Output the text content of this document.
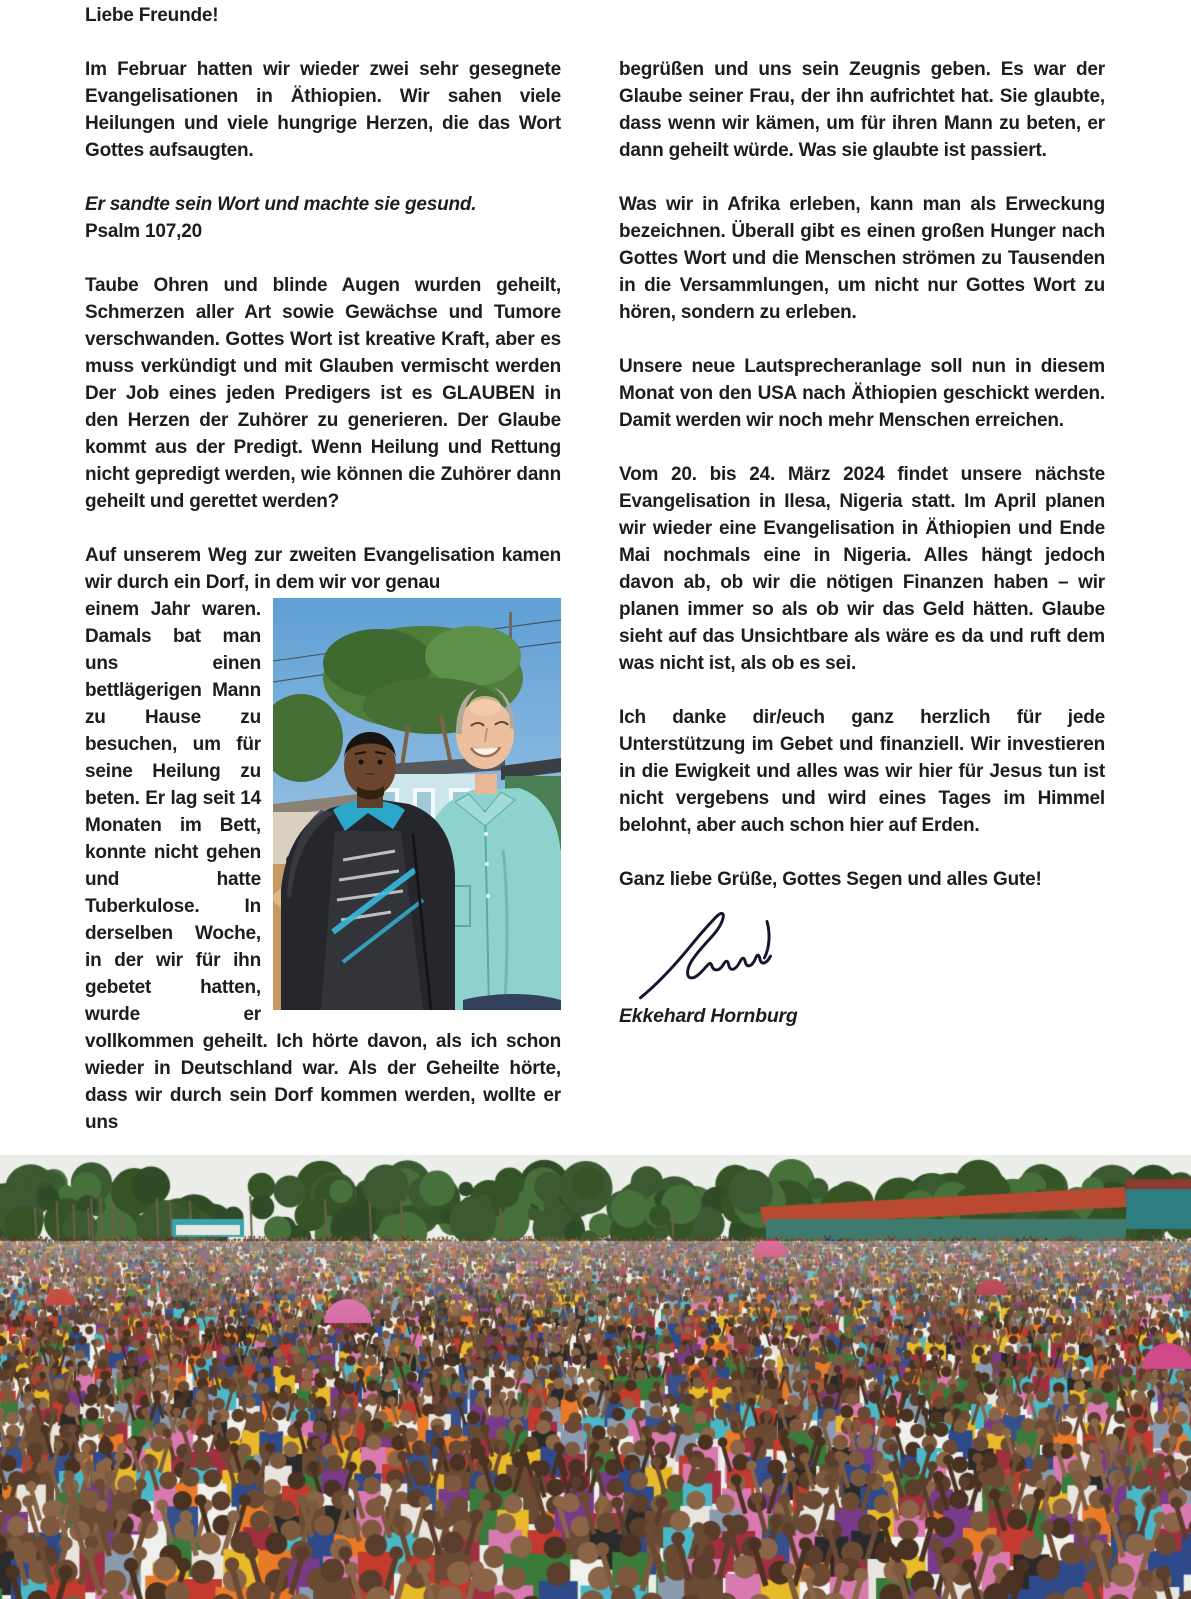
Liebe Freunde!

Im Februar hatten wir wieder zwei sehr gesegnete Evangelisationen in Äthiopien. Wir sahen viele Heilungen und viele hungrige Herzen, die das Wort Gottes aufsaugten.

Er sandte sein Wort und machte sie gesund.
Psalm 107,20

Taube Ohren und blinde Augen wurden geheilt, Schmerzen aller Art sowie Gewächse und Tumore verschwanden. Gottes Wort ist kreative Kraft, aber es muss verkündigt und mit Glauben vermischt werden Der Job eines jeden Predigers ist es GLAUBEN in den Herzen der Zuhörer zu generieren. Der Glaube kommt aus der Predigt. Wenn Heilung und Rettung nicht gepredigt werden, wie können die Zuhörer dann geheilt und gerettet werden?

Auf unserem Weg zur zweiten Evangelisation kamen wir durch ein Dorf, in dem wir vor genau

einem Jahr waren. Damals bat man uns einen bettlägerigen Mann zu Hause zu besuchen, um für seine Heilung zu beten. Er lag seit 14 Monaten im Bett, konnte nicht gehen und hatte Tuberkulose. In derselben Woche, in der wir für ihn gebetet hatten, wurde er vollkommen geheilt. Ich hörte davon, als ich schon wieder in Deutschland war. Als der Geheilte hörte, dass wir durch sein Dorf kommen werden, wollte er uns

begrüßen und uns sein Zeugnis geben. Es war der Glaube seiner Frau, der ihn aufrichtet hat. Sie glaubte, dass wenn wir kämen, um für ihren Mann zu beten, er dann geheilt würde. Was sie glaubte ist passiert.

Was wir in Afrika erleben, kann man als Erweckung bezeichnen. Überall gibt es einen großen Hunger nach Gottes Wort und die Menschen strömen zu Tausenden in die Versammlungen, um nicht nur Gottes Wort zu hören, sondern zu erleben.

Unsere neue Lautsprecheranlage soll nun in diesem Monat von den USA nach Äthiopien geschickt werden. Damit werden wir noch mehr Menschen erreichen.

Vom 20. bis 24. März 2024 findet unsere nächste Evangelisation in Ilesa, Nigeria statt. Im April planen wir wieder eine Evangelisation in Äthiopien und Ende Mai nochmals eine in Nigeria. Alles hängt jedoch davon ab, ob wir die nötigen Finanzen haben – wir planen immer so als ob wir das Geld hätten. Glaube sieht auf das Unsichtbare als wäre es da und ruft dem was nicht ist, als ob es sei.

Ich danke dir/euch ganz herzlich für jede Unterstützung im Gebet und finanziell. Wir investieren in die Ewigkeit und alles was wir hier für Jesus tun ist nicht vergebens und wird eines Tages im Himmel belohnt, aber auch schon hier auf Erden.

Ganz liebe Grüße, Gottes Segen und alles Gute!

Ekkehard Hornburg
